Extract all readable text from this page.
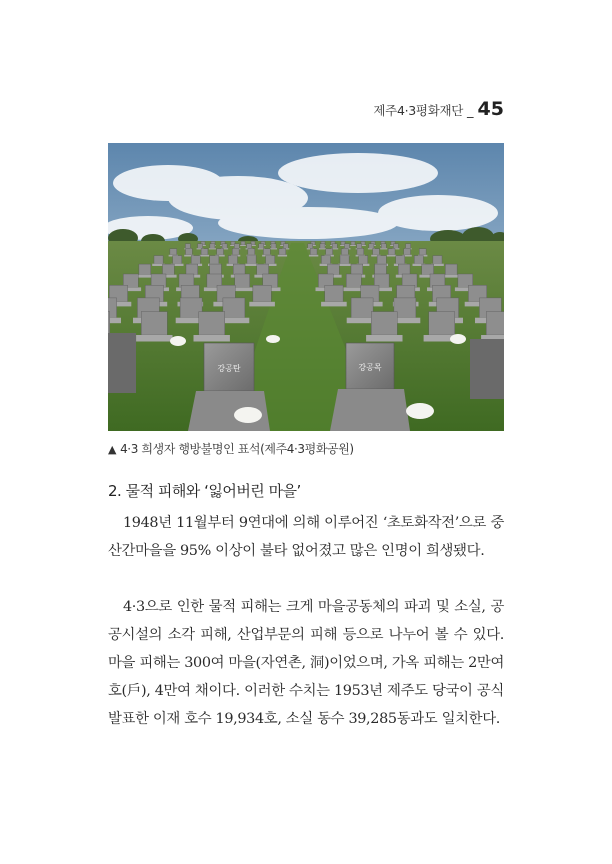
제주4·3평화재단 _ 45
강공탄	강공목
▲ 4·3 희생자 행방불명인 표석(제주4·3평화공원)
2. 물적 피해와 ‘잃어버린 마을’

1948년 11월부터 9연대에 의해 이루어진 ‘초토화작전’으로 중산간마을을 95% 이상이 불타 없어졌고 많은 인명이 희생됐다.

4·3으로 인한 물적 피해는 크게 마을공동체의 파괴 및 소실, 공공시설의 소각 피해, 산업부문의 피해 등으로 나누어 볼 수 있다. 마을 피해는 300여 마을(자연촌, 洞)이었으며, 가옥 피해는 2만여 호(戶), 4만여 채이다. 이러한 수치는 1953년 제주도 당국이 공식 발표한 이재 호수 19,934호, 소실 동수 39,285동과도 일치한다.
